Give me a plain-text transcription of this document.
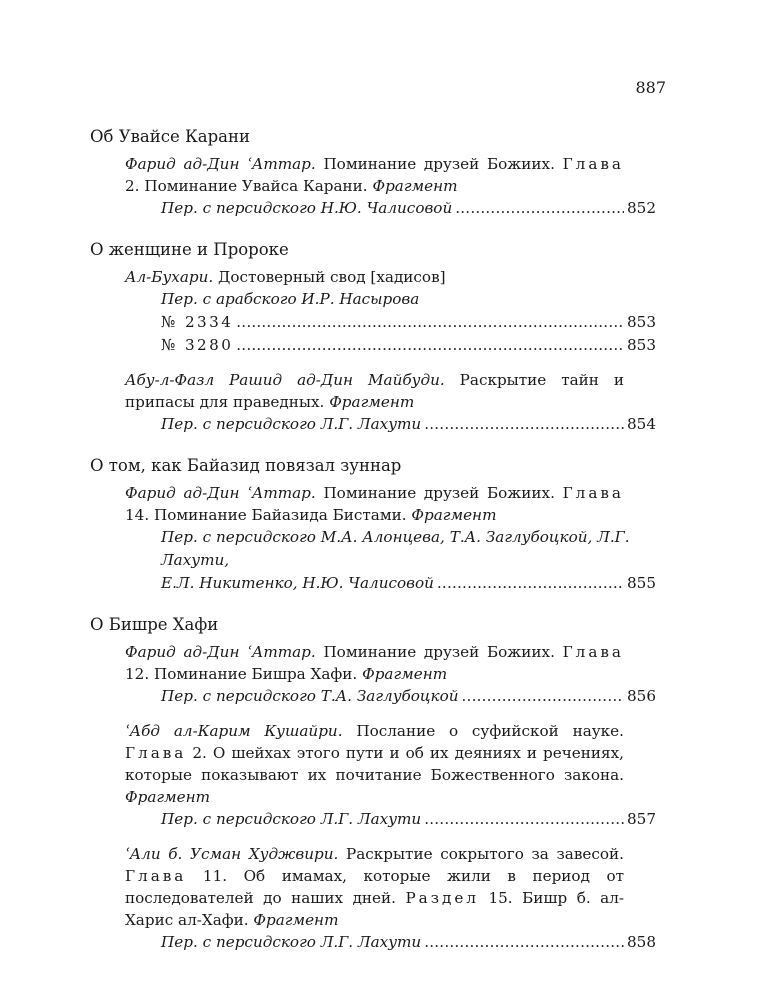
887
Об Увайсе Карани
Фарид ад-Дин ʿАттар. Поминание друзей Божиих. Глава 2. Поминание Увайса Карани. Фрагмент
Пер. с персидского Н.Ю. Чалисовой .....	852
О женщине и Пророке
Ал-Бухари. Достоверный свод [хадисов]
Пер. с арабского И.Р. Насырова
№ 2334 .....	853
№ 3280 .....	853
Абу-л-Фазл Рашид ад-Дин Майбуди. Раскрытие тайн и припасы для праведных. Фрагмент
Пер. с персидского Л.Г. Лахути .....	854
О том, как Байазид повязал зуннар
Фарид ад-Дин ʿАттар. Поминание друзей Божиих. Глава 14. Поминание Байазида Бистами. Фрагмент
Пер. с персидского М.А. Алонцева, Т.А. Заглубоцкой, Л.Г. Лахути,
Е.Л. Никитенко, Н.Ю. Чалисовой .....	855
О Бишре Хафи
Фарид ад-Дин ʿАттар. Поминание друзей Божиих. Глава 12. Поминание Бишра Хафи. Фрагмент
Пер. с персидского Т.А. Заглубоцкой .....	856
ʿАбд ал-Карим Кушайри. Послание о суфийской науке. Глава 2. О шейхах этого пути и об их деяниях и речениях, которые показывают их почитание Божественного закона. Фрагмент
Пер. с персидского Л.Г. Лахути .....	857
ʿАли б. Усман Худжвири. Раскрытие сокрытого за завесой. Глава 11. Об имамах, которые жили в период от последователей до наших дней. Раздел 15. Бишр б. ал-Харис ал-Хафи. Фрагмент
Пер. с персидского Л.Г. Лахути .....	858
